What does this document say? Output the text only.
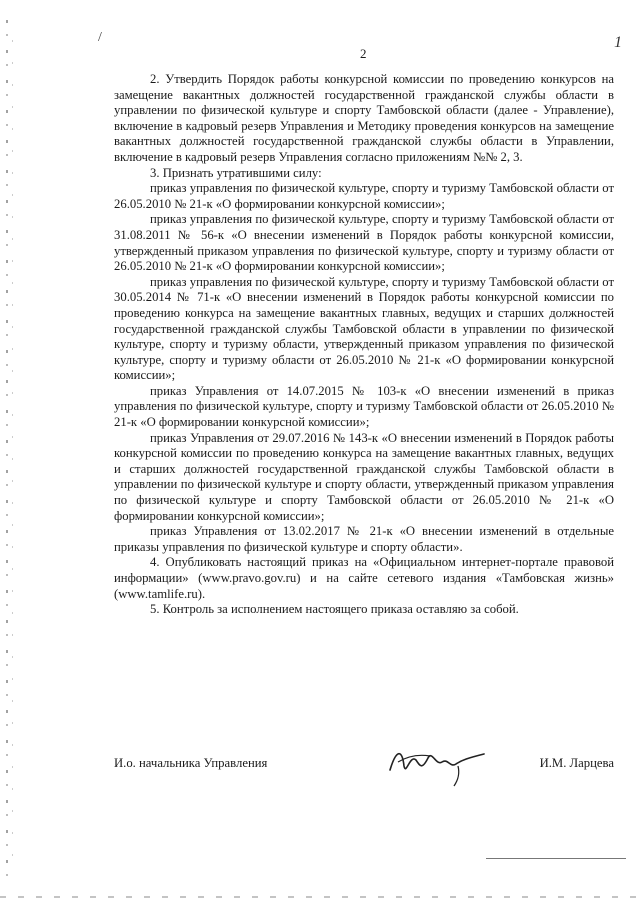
/	1
2

2. Утвердить Порядок работы конкурсной комиссии по проведению конкурсов на замещение вакантных должностей государственной гражданской службы области в управлении по физической культуре и спорту Тамбовской области (далее - Управление), включение в кадровый резерв Управления и Методику проведения конкурсов на замещение вакантных должностей государственной гражданской службы области в Управлении, включение в кадровый резерв Управления согласно приложениям №№ 2, 3.

3. Признать утратившими силу:

приказ управления по физической культуре, спорту и туризму Тамбовской области от 26.05.2010 № 21-к «О формировании конкурсной комиссии»;

приказ управления по физической культуре, спорту и туризму Тамбовской области от 31.08.2011 № 56-к «О внесении изменений в Порядок работы конкурсной комиссии, утвержденный приказом управления по физической культуре, спорту и туризму области от 26.05.2010 № 21-к «О формировании конкурсной комиссии»;

приказ управления по физической культуре, спорту и туризму Тамбовской области от 30.05.2014 № 71-к «О внесении изменений в Порядок работы конкурсной комиссии по проведению конкурса на замещение вакантных главных, ведущих и старших должностей государственной гражданской службы Тамбовской области в управлении по физической культуре, спорту и туризму области, утвержденный приказом управления по физической культуре, спорту и туризму области от 26.05.2010 № 21-к «О формировании конкурсной комиссии»;

приказ Управления от 14.07.2015 № 103-к «О внесении изменений в приказ управления по физической культуре, спорту и туризму Тамбовской области от 26.05.2010 № 21-к «О формировании конкурсной комиссии»;

приказ Управления от 29.07.2016 № 143-к «О внесении изменений в Порядок работы конкурсной комиссии по проведению конкурса на замещение вакантных главных, ведущих и старших должностей государственной гражданской службы Тамбовской области в управлении по физической культуре и спорту области, утвержденный приказом управления по физической культуре и спорту Тамбовской области от 26.05.2010 № 21-к «О формировании конкурсной комиссии»;

приказ Управления от 13.02.2017 № 21-к «О внесении изменений в отдельные приказы управления по физической культуре и спорту области».

4. Опубликовать настоящий приказ на «Официальном интернет-портале правовой информации» (www.pravo.gov.ru) и на сайте сетевого издания «Тамбовская жизнь» (www.tamlife.ru).

5. Контроль за исполнением настоящего приказа оставляю за собой.

И.о. начальника Управления	И.М. Ларцева
